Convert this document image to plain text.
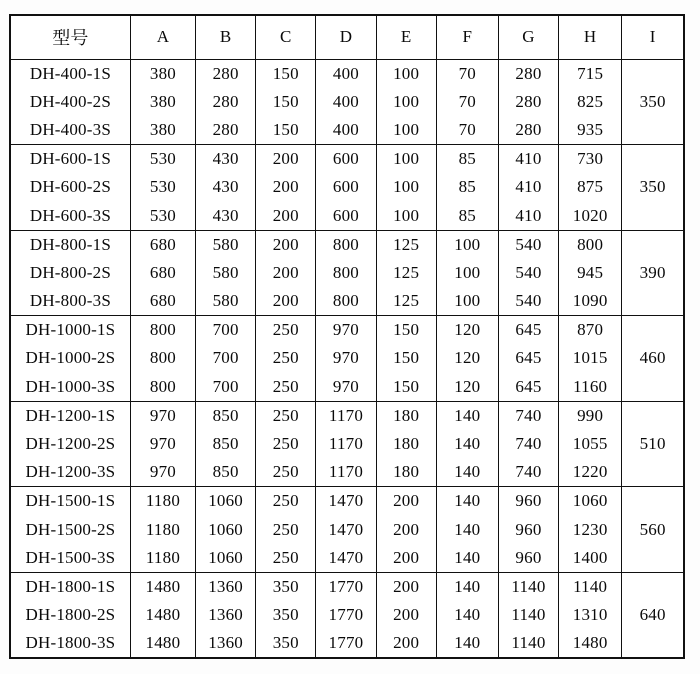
型号	A	B	C	D	E	F	G	H	I
DH-400-1S	380	280	150	400	100	70	280	715	350
DH-400-2S	380	280	150	400	100	70	280	825	
DH-400-3S	380	280	150	400	100	70	280	935	
DH-600-1S	530	430	200	600	100	85	410	730	350
DH-600-2S	530	430	200	600	100	85	410	875	
DH-600-3S	530	430	200	600	100	85	410	1020	
DH-800-1S	680	580	200	800	125	100	540	800	390
DH-800-2S	680	580	200	800	125	100	540	945	
DH-800-3S	680	580	200	800	125	100	540	1090	
DH-1000-1S	800	700	250	970	150	120	645	870	460
DH-1000-2S	800	700	250	970	150	120	645	1015	
DH-1000-3S	800	700	250	970	150	120	645	1160	
DH-1200-1S	970	850	250	1170	180	140	740	990	510
DH-1200-2S	970	850	250	1170	180	140	740	1055	
DH-1200-3S	970	850	250	1170	180	140	740	1220	
DH-1500-1S	1180	1060	250	1470	200	140	960	1060	560
DH-1500-2S	1180	1060	250	1470	200	140	960	1230	
DH-1500-3S	1180	1060	250	1470	200	140	960	1400	
DH-1800-1S	1480	1360	350	1770	200	140	1140	1140	640
DH-1800-2S	1480	1360	350	1770	200	140	1140	1310	
DH-1800-3S	1480	1360	350	1770	200	140	1140	1480	
